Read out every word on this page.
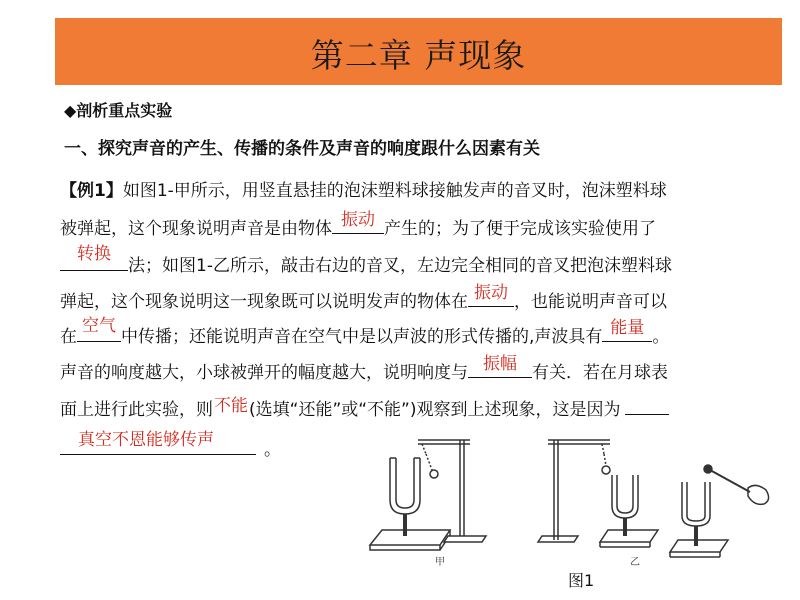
第二章 声现象
◆剖析重点实验
一、探究声音的产生、传播的条件及声音的响度跟什么因素有关
【例1】如图1-甲所示，用竖直悬挂的泡沫塑料球接触发声的音叉时，泡沫塑料球
被弹起，这个现象说明声音是由物体 振动 产生的；为了便于完成该实验使用了
转换
法；如图1-乙所示，敲击右边的音叉，左边完全相同的音叉把泡沫塑料球
弹起，这个现象说明这一现象既可以说明发声的物体在 振动 ，也能说明声音可以
在
空气
中传播；还能说明声音在空气中是以声波的形式传播的,声波具有 能量 。
声音的响度越大，小球被弹开的幅度越大，说明响度与 振幅 有关．若在月球表
面上进行此实验，则 不能 (选填“还能”或“不能”)观察到上述现象，这是因为
真空不恩能够传声	。
甲	乙
图1
